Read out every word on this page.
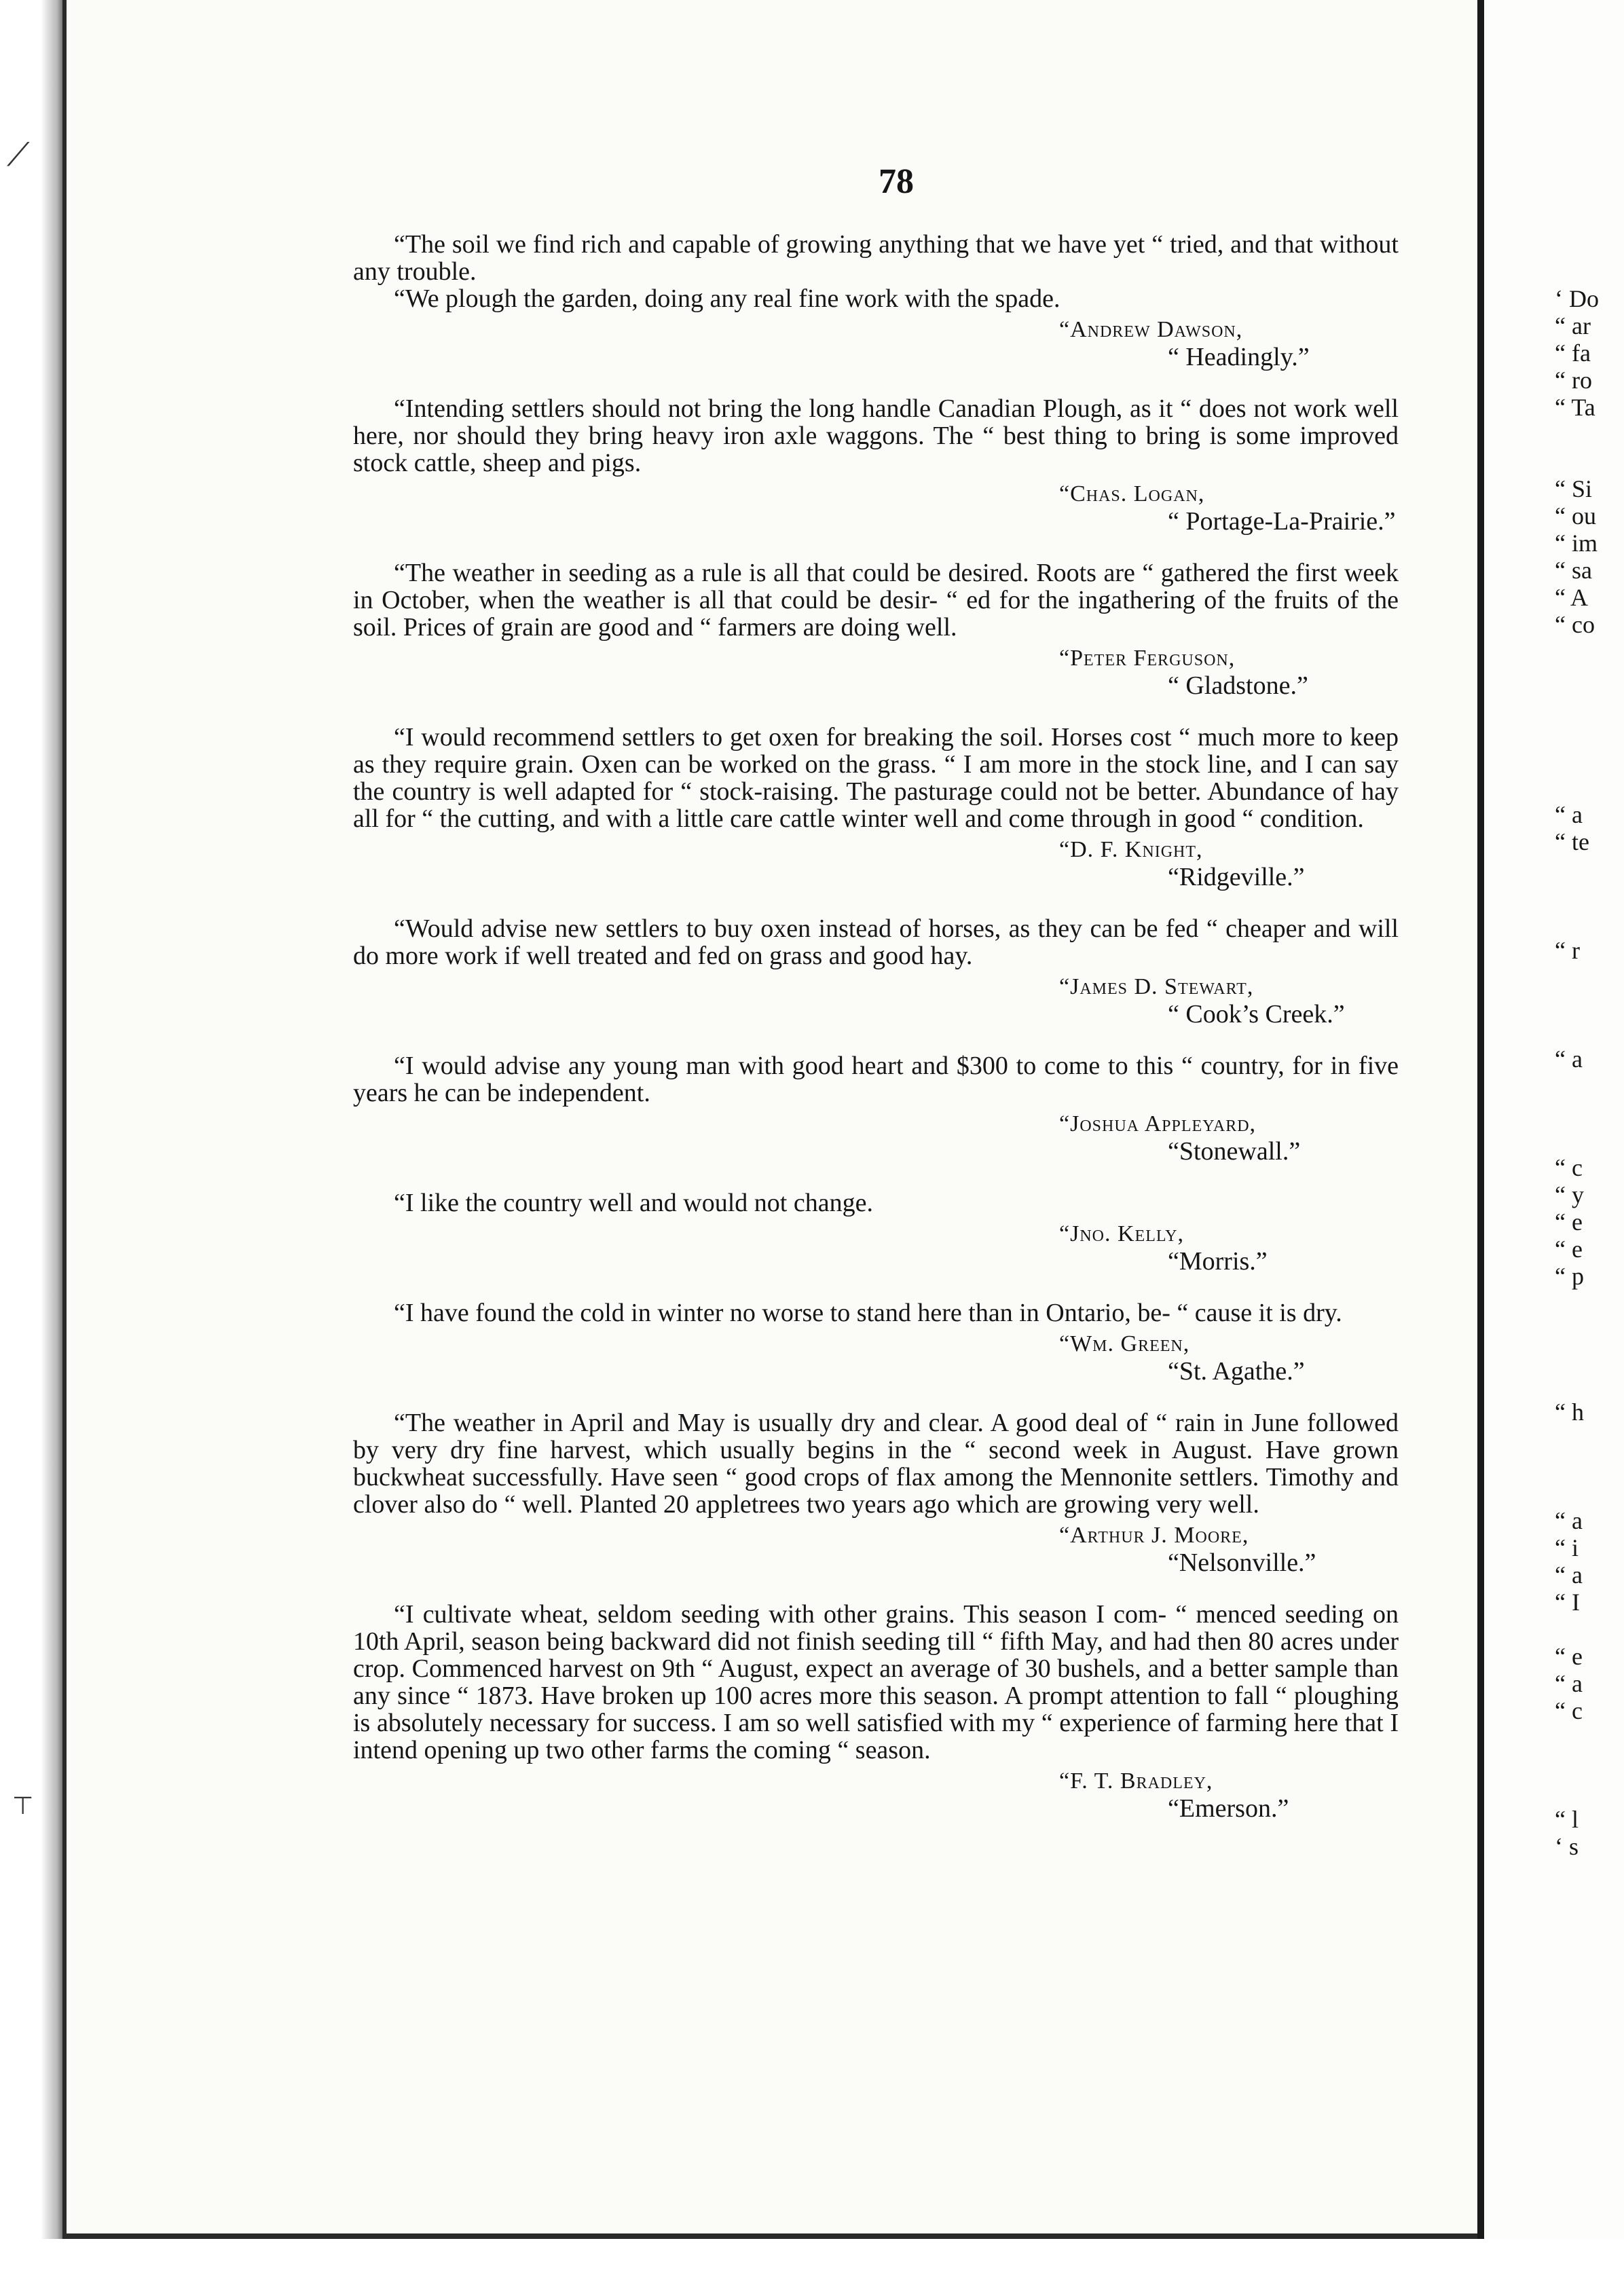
⟋
⊤
78

“The soil we find rich and capable of growing anything that we have yet “ tried, and that without any trouble.

“We plough the garden, doing any real fine work with the spade.

“Andrew Dawson,
“ Headingly.”

“Intending settlers should not bring the long handle Canadian Plough, as it “ does not work well here, nor should they bring heavy iron axle waggons. The “ best thing to bring is some improved stock cattle, sheep and pigs.

“Chas. Logan,
“ Portage-La-Prairie.”

“The weather in seeding as a rule is all that could be desired. Roots are “ gathered the first week in October, when the weather is all that could be desir- “ ed for the ingathering of the fruits of the soil. Prices of grain are good and “ farmers are doing well.

“Peter Ferguson,
“ Gladstone.”

“I would recommend settlers to get oxen for breaking the soil. Horses cost “ much more to keep as they require grain. Oxen can be worked on the grass. “ I am more in the stock line, and I can say the country is well adapted for “ stock-raising. The pasturage could not be better. Abundance of hay all for “ the cutting, and with a little care cattle winter well and come through in good “ condition.

“D. F. Knight,
“Ridgeville.”

“Would advise new settlers to buy oxen instead of horses, as they can be fed “ cheaper and will do more work if well treated and fed on grass and good hay.

“James D. Stewart,
“ Cook’s Creek.”

“I would advise any young man with good heart and $300 to come to this “ country, for in five years he can be independent.

“Joshua Appleyard,
“Stonewall.”

“I like the country well and would not change.

“Jno. Kelly,
“Morris.”

“I have found the cold in winter no worse to stand here than in Ontario, be- “ cause it is dry.

“Wm. Green,
“St. Agathe.”

“The weather in April and May is usually dry and clear. A good deal of “ rain in June followed by very dry fine harvest, which usually begins in the “ second week in August. Have grown buckwheat successfully. Have seen “ good crops of flax among the Mennonite settlers. Timothy and clover also do “ well. Planted 20 appletrees two years ago which are growing very well.

“Arthur J. Moore,
“Nelsonville.”

“I cultivate wheat, seldom seeding with other grains. This season I com- “ menced seeding on 10th April, season being backward did not finish seeding till “ fifth May, and had then 80 acres under crop. Commenced harvest on 9th “ August, expect an average of 30 bushels, and a better sample than any since “ 1873. Have broken up 100 acres more this season. A prompt attention to fall “ ploughing is absolutely necessary for success. I am so well satisfied with my “ experience of farming here that I intend opening up two other farms the coming “ season.

“F. T. Bradley,
“Emerson.”
‘ Do
“ ar
“ fa
“ ro
“ Ta
“ Si
“ ou
“ im
“ sa
“ A
“ co
“ a
“ te
“ r
“ a
“ c
“ y
“ e
“ e
“ p
“ h
“ a
“ i
“ a
“ I
“ e
“ a
“ c
“ l
‘ s
